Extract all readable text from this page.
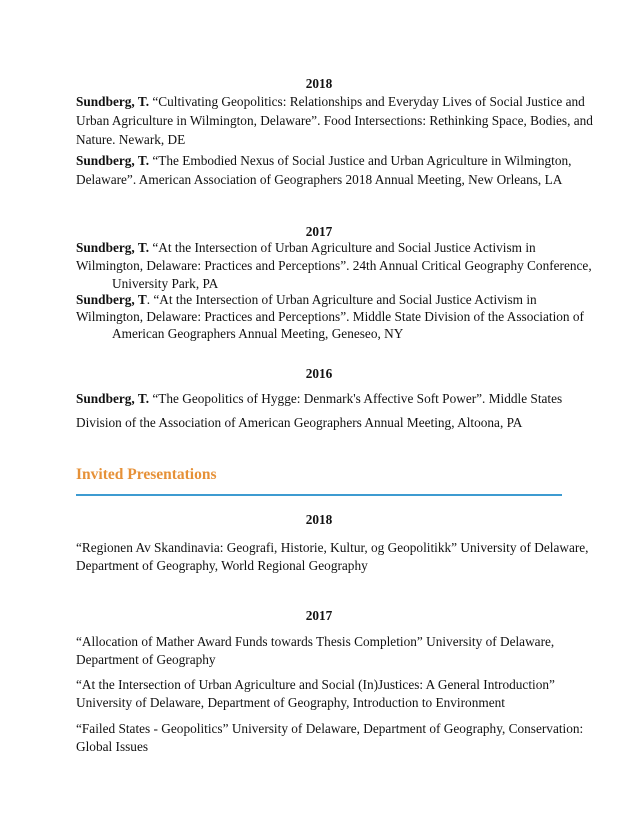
2018
Sundberg, T. “Cultivating Geopolitics: Relationships and Everyday Lives of Social Justice and
Urban Agriculture in Wilmington, Delaware”. Food Intersections: Rethinking Space, Bodies, and
Nature. Newark, DE
Sundberg, T. “The Embodied Nexus of Social Justice and Urban Agriculture in Wilmington,
Delaware”. American Association of Geographers 2018 Annual Meeting, New Orleans, LA
2017
Sundberg, T. “At the Intersection of Urban Agriculture and Social Justice Activism in
Wilmington, Delaware: Practices and Perceptions”. 24th Annual Critical Geography Conference,
University Park, PA
Sundberg, T. “At the Intersection of Urban Agriculture and Social Justice Activism in
Wilmington, Delaware: Practices and Perceptions”. Middle State Division of the Association of
American Geographers Annual Meeting, Geneseo, NY
2016
Sundberg, T. “The Geopolitics of Hygge: Denmark's Affective Soft Power”. Middle States
Division of the Association of American Geographers Annual Meeting, Altoona, PA
Invited Presentations
2018
“Regionen Av Skandinavia: Geografi, Historie, Kultur, og Geopolitikk” University of Delaware,
Department of Geography, World Regional Geography
2017
“Allocation of Mather Award Funds towards Thesis Completion” University of Delaware,
Department of Geography
“At the Intersection of Urban Agriculture and Social (In)Justices: A General Introduction”
University of Delaware, Department of Geography, Introduction to Environment
“Failed States - Geopolitics” University of Delaware, Department of Geography, Conservation:
Global Issues
